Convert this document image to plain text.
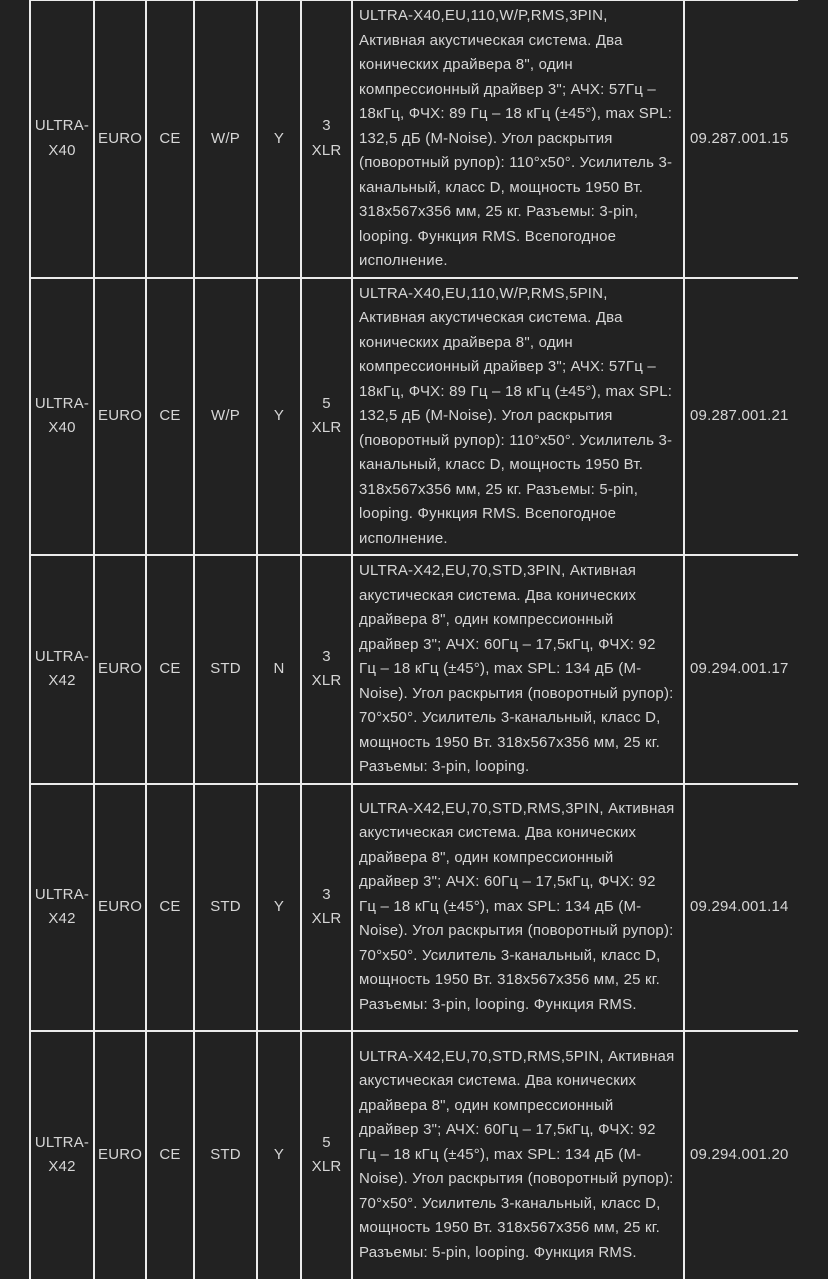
ULTRA-X40	EURO	CE	W/P	Y	3 XLR	ULTRA-X40,EU,110,W/P,RMS,3PIN, Активная акустическая система. Два конических драйвера 8", один компрессионный драйвер 3"; АЧХ: 57Гц – 18кГц, ФЧХ: 89 Гц – 18 кГц (±45°), max SPL: 132,5 дБ (M-Noise). Угол раскрытия (поворотный рупор): 110°х50°. Усилитель 3-канальный, класс D, мощность 1950 Вт. 318х567х356 мм, 25 кг. Разъемы: 3-pin, looping. Функция RMS. Всепогодное исполнение.	09.287.001.15
ULTRA-X40	EURO	CE	W/P	Y	5 XLR	ULTRA-X40,EU,110,W/P,RMS,5PIN, Активная акустическая система. Два конических драйвера 8", один компрессионный драйвер 3"; АЧХ: 57Гц – 18кГц, ФЧХ: 89 Гц – 18 кГц (±45°), max SPL: 132,5 дБ (M-Noise). Угол раскрытия (поворотный рупор): 110°х50°. Усилитель 3-канальный, класс D, мощность 1950 Вт. 318х567х356 мм, 25 кг. Разъемы: 5-pin, looping. Функция RMS. Всепогодное исполнение.	09.287.001.21
ULTRA-X42	EURO	CE	STD	N	3 XLR	ULTRA-X42,EU,70,STD,3PIN, Активная акустическая система. Два конических драйвера 8", один компрессионный драйвер 3"; АЧХ: 60Гц – 17,5кГц, ФЧХ: 92 Гц – 18 кГц (±45°), max SPL: 134 дБ (M-Noise). Угол раскрытия (поворотный рупор): 70°х50°. Усилитель 3-канальный, класс D, мощность 1950 Вт. 318х567х356 мм, 25 кг. Разъемы: 3-pin, looping.	09.294.001.17
ULTRA-X42	EURO	CE	STD	Y	3 XLR	ULTRA-X42,EU,70,STD,RMS,3PIN, Активная акустическая система. Два конических драйвера 8", один компрессионный драйвер 3"; АЧХ: 60Гц – 17,5кГц, ФЧХ: 92 Гц – 18 кГц (±45°), max SPL: 134 дБ (M-Noise). Угол раскрытия (поворотный рупор): 70°х50°. Усилитель 3-канальный, класс D, мощность 1950 Вт. 318х567х356 мм, 25 кг. Разъемы: 3-pin, looping. Функция RMS.	09.294.001.14
ULTRA-X42	EURO	CE	STD	Y	5 XLR	ULTRA-X42,EU,70,STD,RMS,5PIN, Активная акустическая система. Два конических драйвера 8", один компрессионный драйвер 3"; АЧХ: 60Гц – 17,5кГц, ФЧХ: 92 Гц – 18 кГц (±45°), max SPL: 134 дБ (M-Noise). Угол раскрытия (поворотный рупор): 70°х50°. Усилитель 3-канальный, класс D, мощность 1950 Вт. 318х567х356 мм, 25 кг. Разъемы: 5-pin, looping. Функция RMS.	09.294.001.20
